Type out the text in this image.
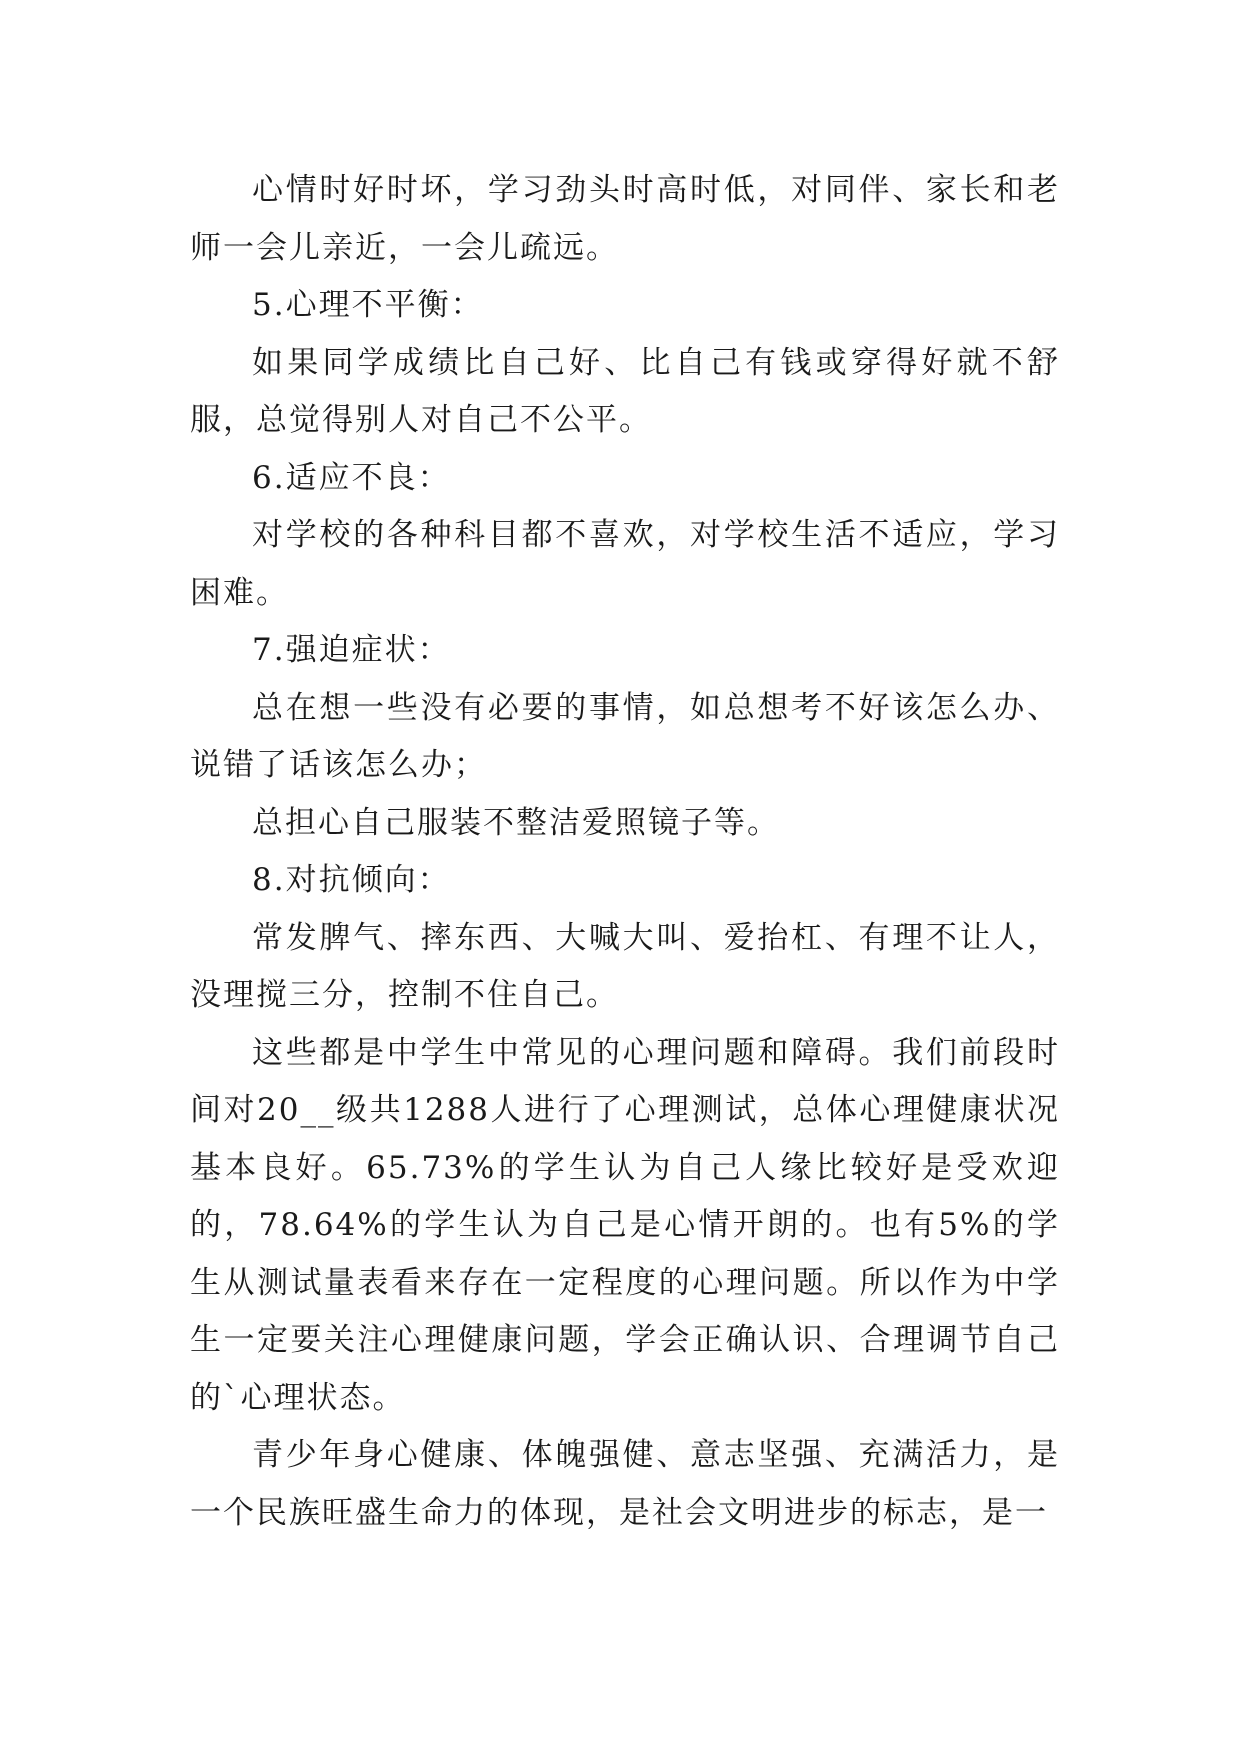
心情时好时坏，学习劲头时高时低，对同伴、家长和老师一会儿亲近，一会儿疏远。

5.心理不平衡：

如果同学成绩比自己好、比自己有钱或穿得好就不舒服，总觉得别人对自己不公平。

6.适应不良：

对学校的各种科目都不喜欢，对学校生活不适应，学习困难。

7.强迫症状：

总在想一些没有必要的事情，如总想考不好该怎么办、说错了话该怎么办；

总担心自己服装不整洁爱照镜子等。

8.对抗倾向：

常发脾气、摔东西、大喊大叫、爱抬杠、有理不让人，没理搅三分，控制不住自己。

这些都是中学生中常见的心理问题和障碍。我们前段时间对20__级共1288人进行了心理测试，总体心理健康状况基本良好。65.73%的学生认为自己人缘比较好是受欢迎的，78.64%的学生认为自己是心情开朗的。也有5%的学生从测试量表看来存在一定程度的心理问题。所以作为中学生一定要关注心理健康问题，学会正确认识、合理调节自己的`心理状态。

青少年身心健康、体魄强健、意志坚强、充满活力，是一个民族旺盛生命力的体现，是社会文明进步的标志，是一
